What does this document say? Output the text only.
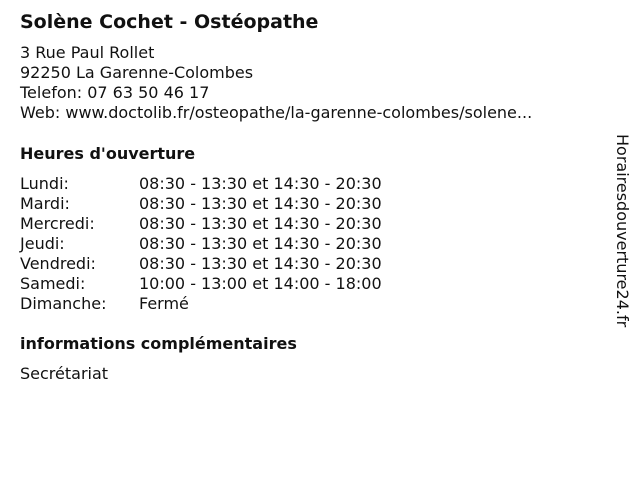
Solène Cochet - Ostéopathe
3 Rue Paul Rollet
92250 La Garenne-Colombes
Telefon: 07 63 50 46 17
Web: www.doctolib.fr/osteopathe/la-garenne-colombes/solene...
Heures d'ouverture
Lundi:	08:30 - 13:30 et 14:30 - 20:30
Mardi:	08:30 - 13:30 et 14:30 - 20:30
Mercredi:	08:30 - 13:30 et 14:30 - 20:30
Jeudi:	08:30 - 13:30 et 14:30 - 20:30
Vendredi:	08:30 - 13:30 et 14:30 - 20:30
Samedi:	10:00 - 13:00 et 14:00 - 18:00
Dimanche: Fermé
informations complémentaires
Secrétariat
Horairesdouverture24.fr
